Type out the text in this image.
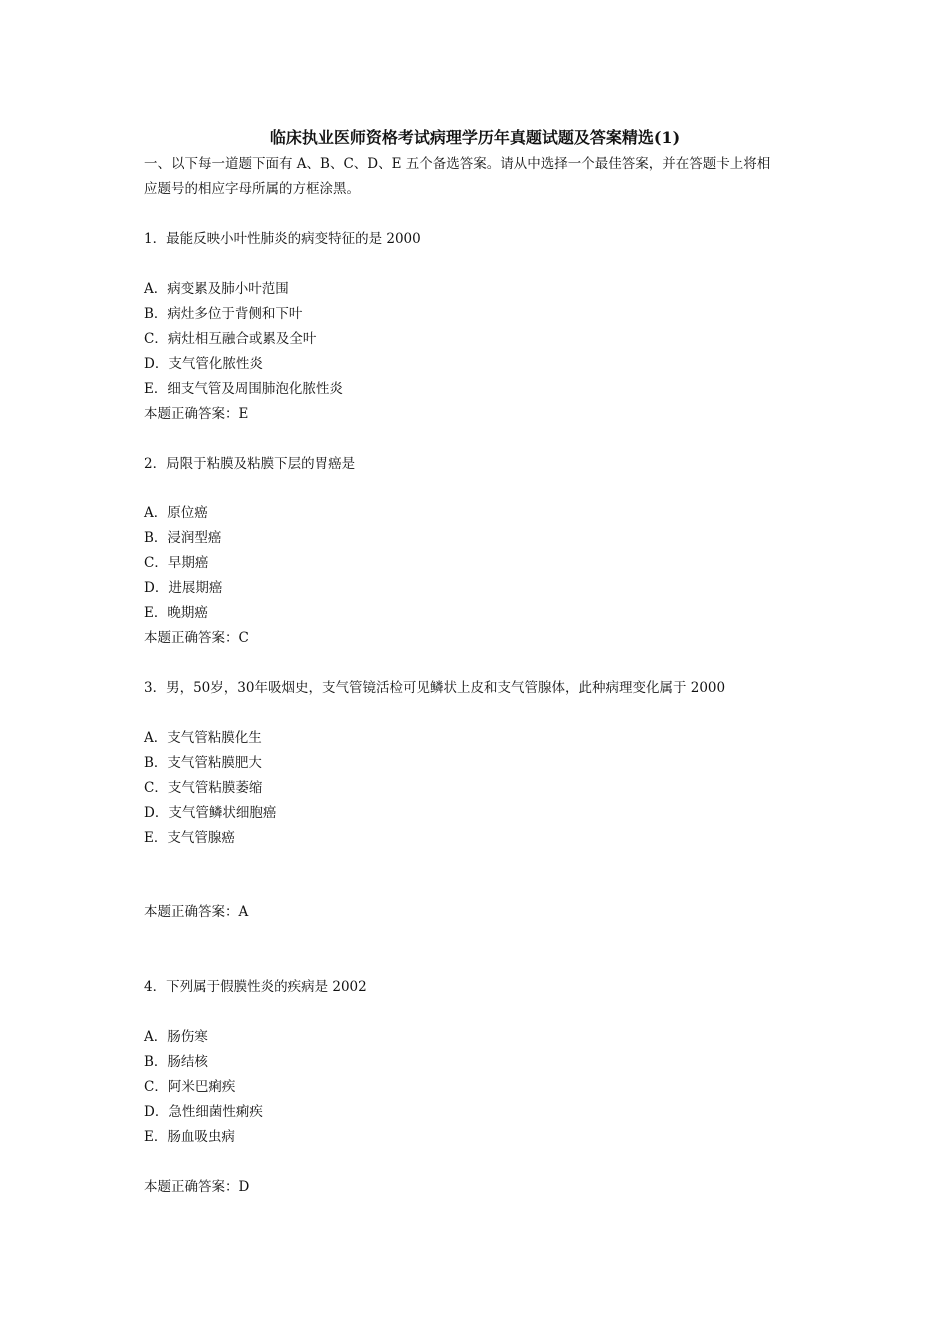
临床执业医师资格考试病理学历年真题试题及答案精选(1)
一、以下每一道题下面有 A、B、C、D、E 五个备选答案。请从中选择一个最佳答案，并在答题卡上将相
应题号的相应字母所属的方框涂黑。
1．最能反映小叶性肺炎的病变特征的是 2000
A．病变累及肺小叶范围
B．病灶多位于背侧和下叶
C．病灶相互融合或累及全叶
D．支气管化脓性炎
E．细支气管及周围肺泡化脓性炎
本题正确答案：E
2．局限于粘膜及粘膜下层的胃癌是
A．原位癌
B．浸润型癌
C．早期癌
D．进展期癌
E．晚期癌
本题正确答案：C
3．男，50岁，30年吸烟史，支气管镜活检可见鳞状上皮和支气管腺体，此种病理变化属于 2000
A．支气管粘膜化生
B．支气管粘膜肥大
C．支气管粘膜萎缩
D．支气管鳞状细胞癌
E．支气管腺癌
本题正确答案：A
4．下列属于假膜性炎的疾病是 2002
A．肠伤寒
B．肠结核
C．阿米巴痢疾
D．急性细菌性痢疾
E．肠血吸虫病
本题正确答案：D
